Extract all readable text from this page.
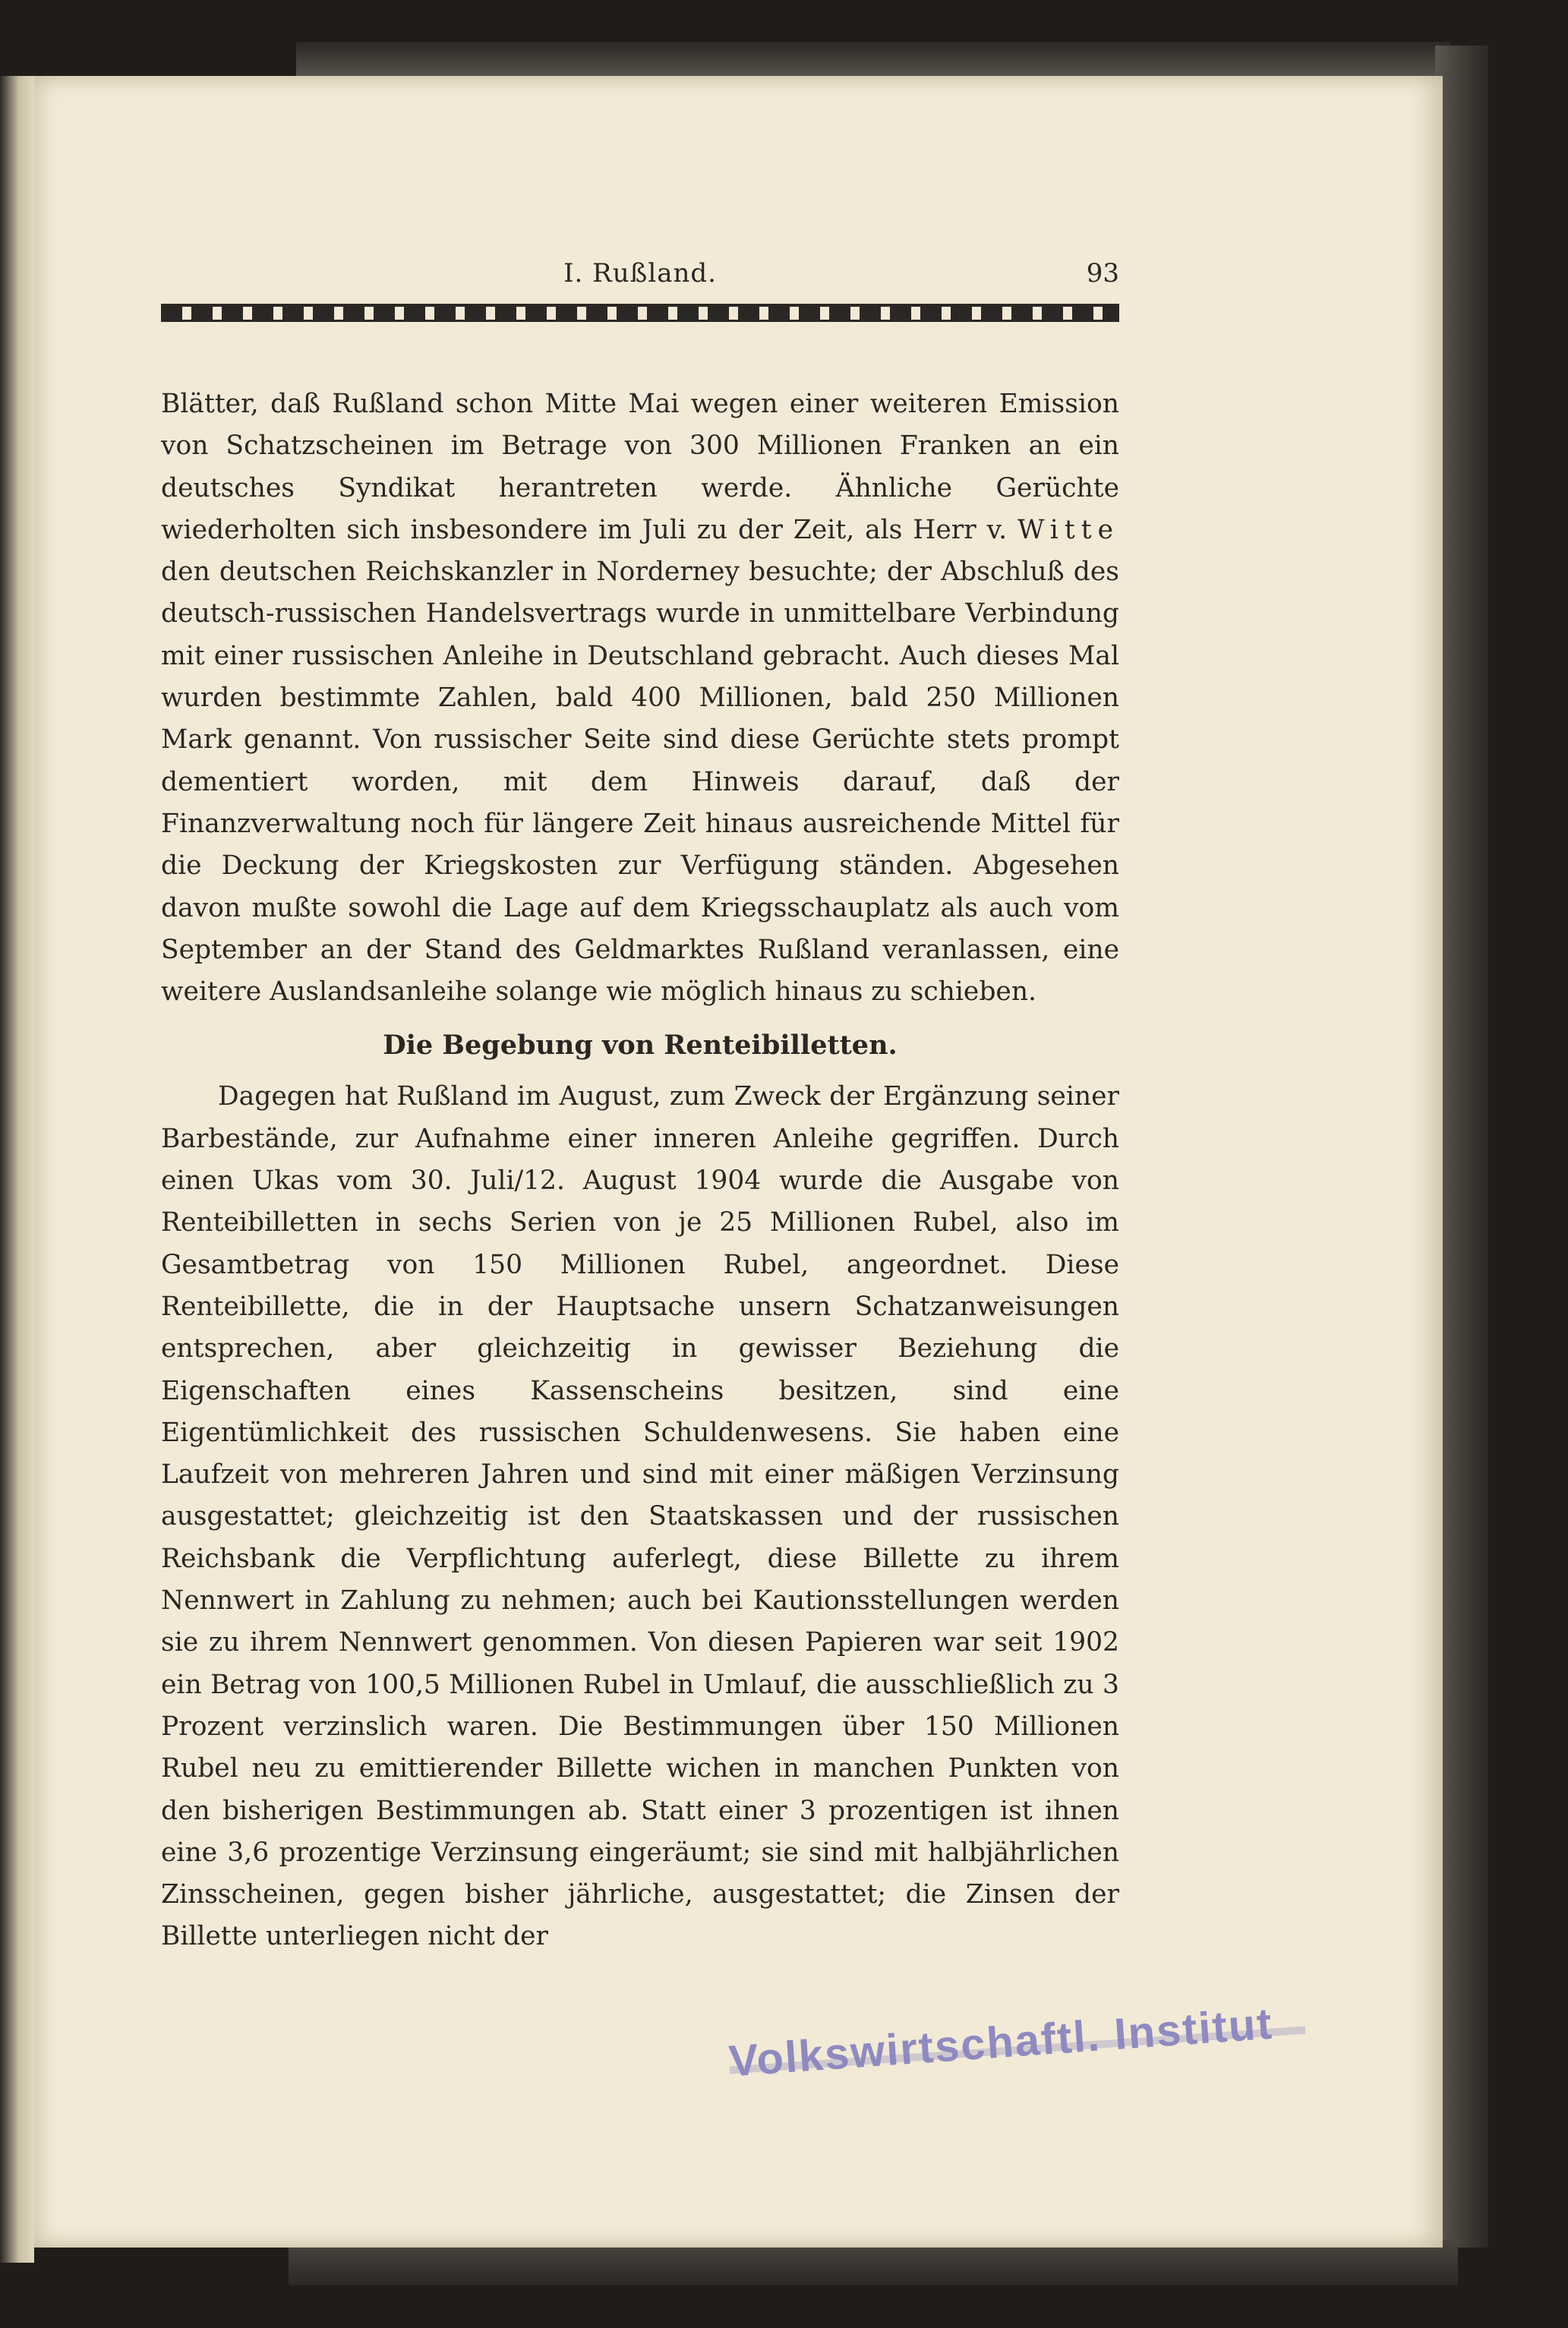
I. Rußland.	93

Blätter, daß Rußland schon Mitte Mai wegen einer weiteren Emission von Schatzscheinen im Betrage von 300 Millionen Franken an ein deutsches Syndikat herantreten werde. Ähnliche Gerüchte wiederholten sich insbesondere im Juli zu der Zeit, als Herr v. Witte den deutschen Reichskanzler in Norderney besuchte; der Abschluß des deutsch-russischen Handelsvertrags wurde in unmittelbare Verbindung mit einer russischen Anleihe in Deutschland gebracht. Auch dieses Mal wurden bestimmte Zahlen, bald 400 Millionen, bald 250 Millionen Mark genannt. Von russischer Seite sind diese Gerüchte stets prompt dementiert worden, mit dem Hinweis darauf, daß der Finanzverwaltung noch für längere Zeit hinaus ausreichende Mittel für die Deckung der Kriegskosten zur Verfügung ständen. Abgesehen davon mußte sowohl die Lage auf dem Kriegsschauplatz als auch vom September an der Stand des Geldmarktes Rußland veranlassen, eine weitere Auslandsanleihe solange wie möglich hinaus zu schieben.

Die Begebung von Renteibilletten.

Dagegen hat Rußland im August, zum Zweck der Ergänzung seiner Barbestände, zur Aufnahme einer inneren Anleihe gegriffen. Durch einen Ukas vom 30. Juli/12. August 1904 wurde die Ausgabe von Renteibilletten in sechs Serien von je 25 Millionen Rubel, also im Gesamtbetrag von 150 Millionen Rubel, angeordnet. Diese Renteibillette, die in der Hauptsache unsern Schatzanweisungen entsprechen, aber gleichzeitig in gewisser Beziehung die Eigenschaften eines Kassenscheins besitzen, sind eine Eigentümlichkeit des russischen Schuldenwesens. Sie haben eine Laufzeit von mehreren Jahren und sind mit einer mäßigen Verzinsung ausgestattet; gleichzeitig ist den Staatskassen und der russischen Reichsbank die Verpflichtung auferlegt, diese Billette zu ihrem Nennwert in Zahlung zu nehmen; auch bei Kautionsstellungen werden sie zu ihrem Nennwert genommen. Von diesen Papieren war seit 1902 ein Betrag von 100,5 Millionen Rubel in Umlauf, die ausschließlich zu 3 Prozent verzinslich waren. Die Bestimmungen über 150 Millionen Rubel neu zu emittierender Billette wichen in manchen Punkten von den bisherigen Bestimmungen ab. Statt einer 3 prozentigen ist ihnen eine 3,6 prozentige Verzinsung eingeräumt; sie sind mit halbjährlichen Zinsscheinen, gegen bisher jährliche, ausgestattet; die Zinsen der Billette unterliegen nicht der

Volkswirtschaftl. Institut
